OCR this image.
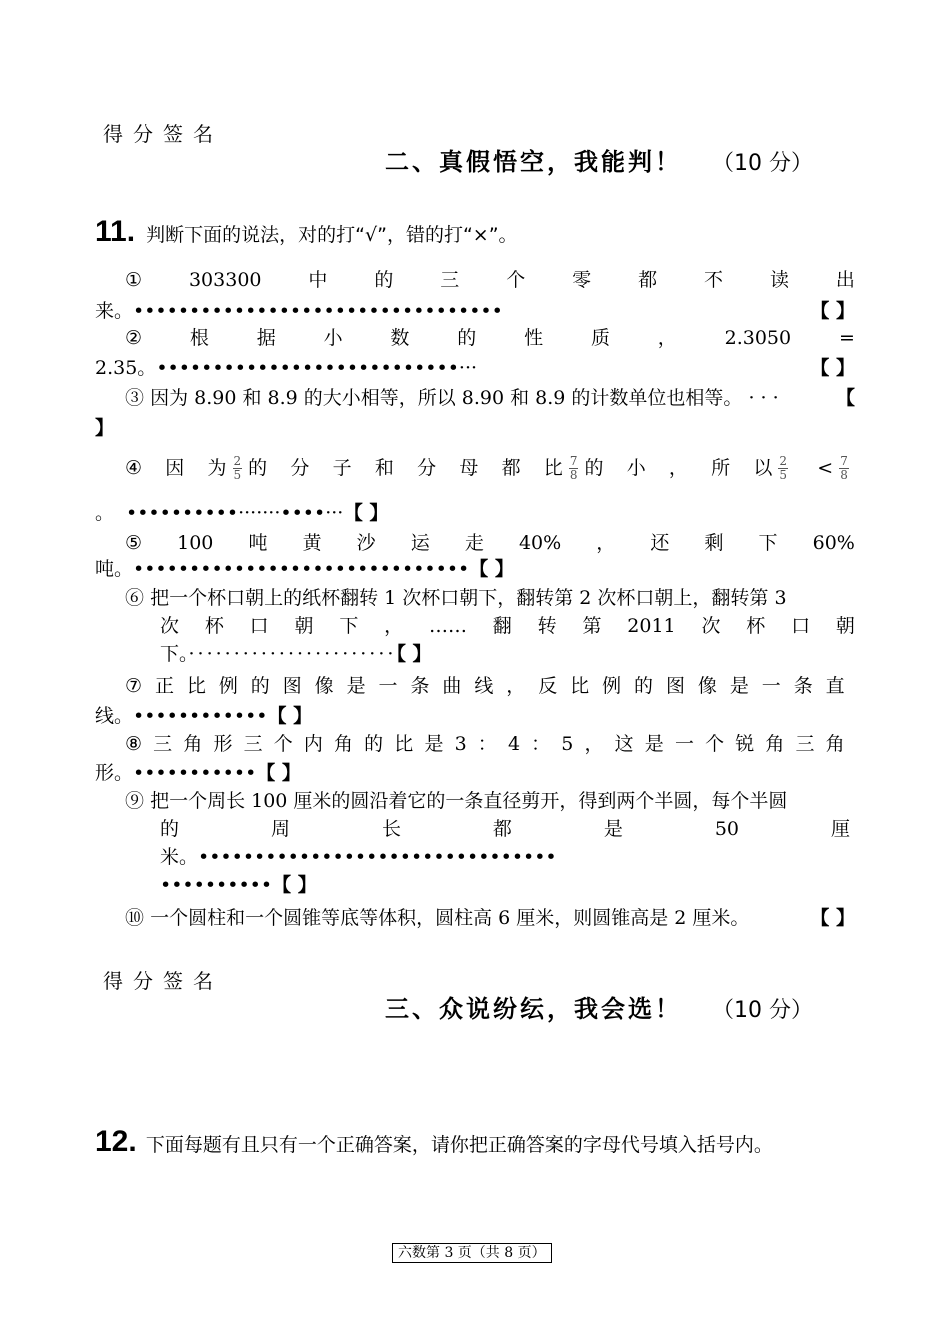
得分签名
二、真假悟空，我能判！ （10 分）
11. 判断下面的说法，对的打“√”，错的打“×”。
① 303300 中 的 三 个 零 都 不 读 出
来。•••••••••••••••••••••••••••••••••	【 】
②	根	据	小	数	的	性	质	，	2.3050	=
2.35。•••••••••••••••••••••••••••···	【 】
③ 因为 8.90 和 8.9 的大小相等，所以 8.90 和 8.9 的计数单位也相等。 · · ·	【
】
④ 因 为 $\frac{2}{5}$ 的 分 子 和 分 母 都 比 $\frac{7}{8}$ 的 小 ， 所 以 $\frac{2}{5} < \frac{7}{8}$
。 ••••••••••·······••••··· 【 】
⑤ 100 吨 黄 沙 运 走 40% ， 还 剩 下 60%
吨。••••••••••••••••••••••••••••••【 】
⑥ 把一个杯口朝上的纸杯翻转 1 次杯口朝下，翻转第 2 次杯口朝上，翻转第 3
次 杯 口 朝 下 ， …… 翻 转 第 2011 次 杯 口 朝
下。·······················【 】
⑦ 正 比 例 的 图 像 是 一 条 曲 线 ， 反 比 例 的 图 像 是 一 条 直
线。••••••••••••【 】
⑧ 三 角 形 三 个 内 角 的 比 是 3 ： 4 ： 5 ， 这 是 一 个 锐 角 三 角
形。•••••••••••【 】
⑨ 把一个周长 100 厘米的圆沿着它的一条直径剪开，得到两个半圆，每个半圆
的	周	长	都	是	50	厘
米。••••••••••••••••••••••••••••••••
••••••••••【 】
⑩ 一个圆柱和一个圆锥等底等体积，圆柱高 6 厘米，则圆锥高是 2 厘米。	【 】
得分签名
三、众说纷纭，我会选！ （10 分）
12. 下面每题有且只有一个正确答案，请你把正确答案的字母代号填入括号内。
六数第 3 页（共 8 页）
